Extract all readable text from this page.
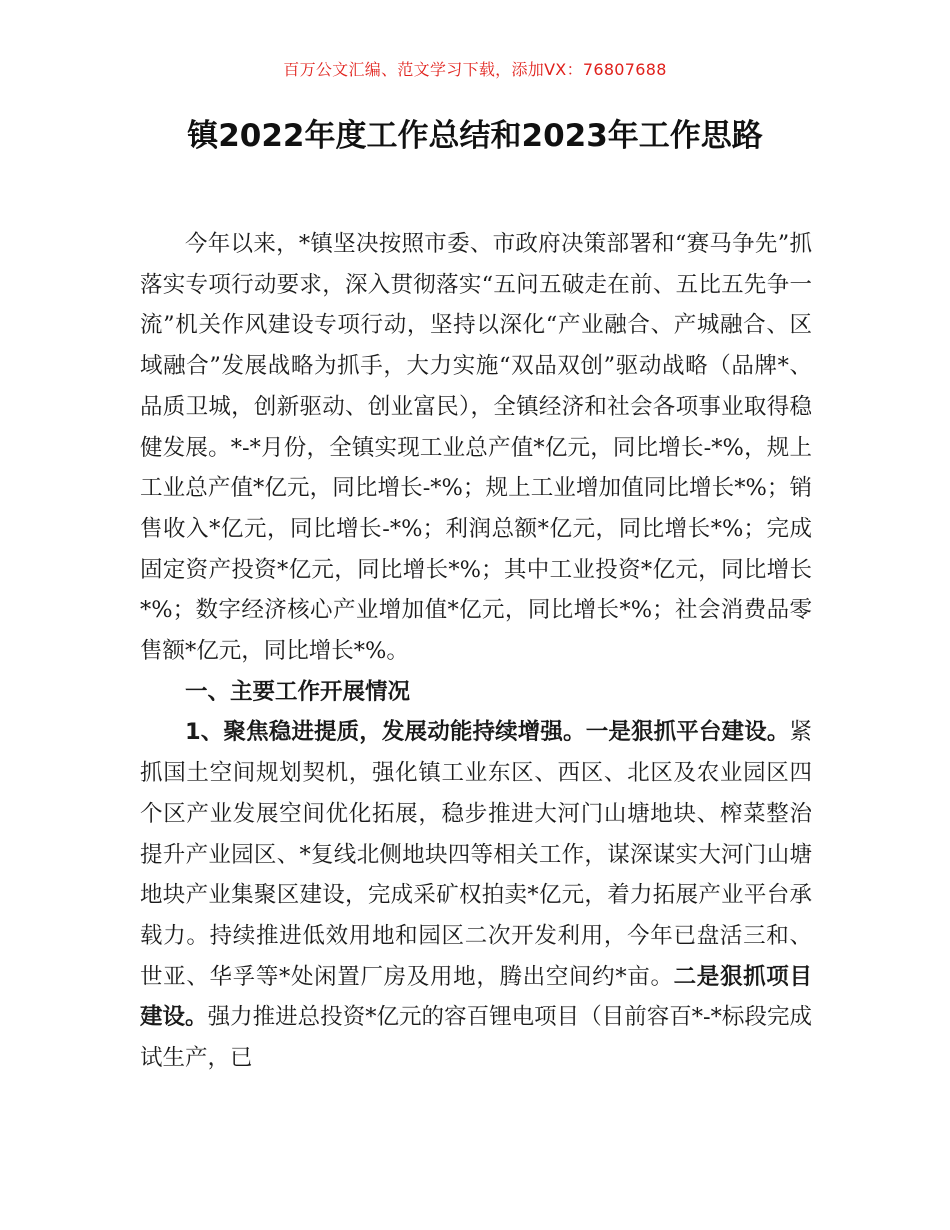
百万公文汇编、范文学习下载，添加VX：76807688
镇2022年度工作总结和2023年工作思路

今年以来，*镇坚决按照市委、市政府决策部署和“赛马争先”抓落实专项行动要求，深入贯彻落实“五问五破走在前、五比五先争一流”机关作风建设专项行动，坚持以深化“产业融合、产城融合、区域融合”发展战略为抓手，大力实施“双品双创”驱动战略（品牌*、品质卫城，创新驱动、创业富民），全镇经济和社会各项事业取得稳健发展。*-*月份，全镇实现工业总产值*亿元，同比增长-*%，规上工业总产值*亿元，同比增长-*%；规上工业增加值同比增长*%；销售收入*亿元，同比增长-*%；利润总额*亿元，同比增长*%；完成固定资产投资*亿元，同比增长*%；其中工业投资*亿元，同比增长*%；数字经济核心产业增加值*亿元，同比增长*%；社会消费品零售额*亿元，同比增长*%。

一、主要工作开展情况

1、聚焦稳进提质，发展动能持续增强。一是狠抓平台建设。紧抓国土空间规划契机，强化镇工业东区、西区、北区及农业园区四个区产业发展空间优化拓展，稳步推进大河门山塘地块、榨菜整治提升产业园区、*复线北侧地块四等相关工作，谋深谋实大河门山塘地块产业集聚区建设，完成采矿权拍卖*亿元，着力拓展产业平台承载力。持续推进低效用地和园区二次开发利用，今年已盘活三和、世亚、华孚等*处闲置厂房及用地，腾出空间约*亩。二是狠抓项目建设。强力推进总投资*亿元的容百锂电项目（目前容百*-*标段完成试生产，已
